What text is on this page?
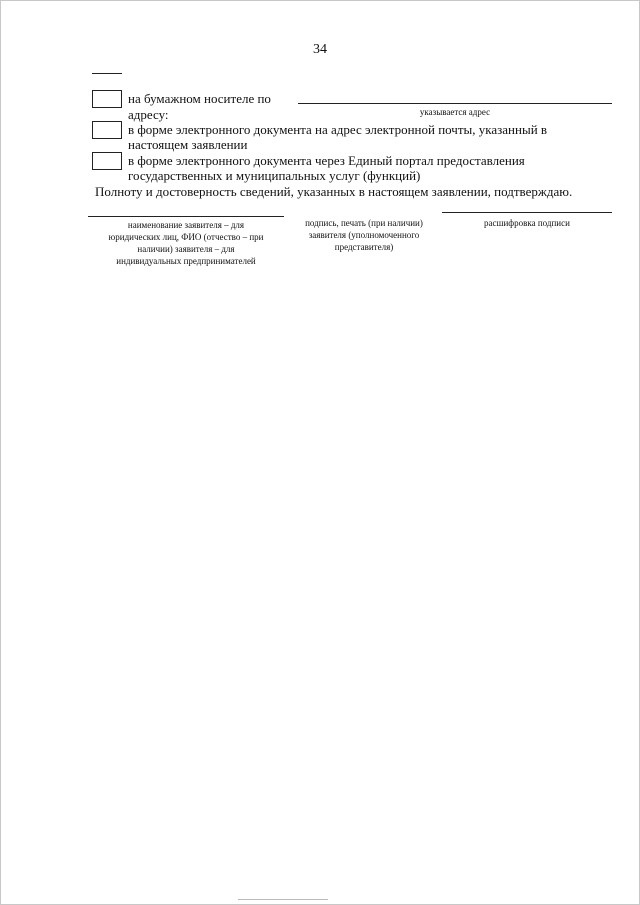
34
на бумажном носителе по
адресу:	указывается адрес
в форме электронного документа на адрес электронной почты, указанный в
настоящем заявлении
в форме электронного документа через Единый портал предоставления
государственных и муниципальных услуг (функций)
Полноту и достоверность сведений, указанных в настоящем заявлении, подтверждаю.
наименование заявителя – для
юридических лиц, ФИО (отчество – при
наличии) заявителя – для
индивидуальных предпринимателей
подпись, печать (при наличии)
заявителя (уполномоченного
представителя)
расшифровка подписи
